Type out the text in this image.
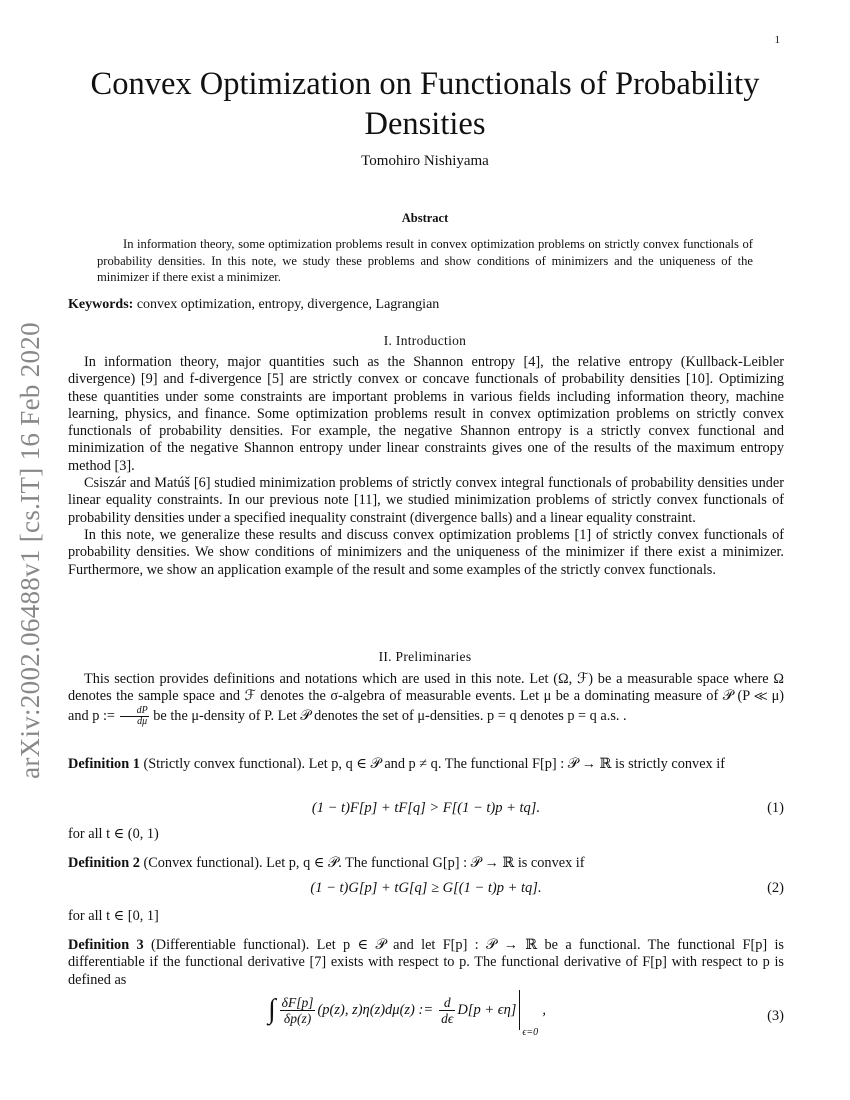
1
arXiv:2002.06488v1 [cs.IT] 16 Feb 2020
Convex Optimization on Functionals of Probability
Densities
Tomohiro Nishiyama
Abstract
In information theory, some optimization problems result in convex optimization problems on strictly convex functionals of probability densities. In this note, we study these problems and show conditions of minimizers and the uniqueness of the minimizer if there exist a minimizer.
Keywords: convex optimization, entropy, divergence, Lagrangian
I. Introduction

In information theory, major quantities such as the Shannon entropy [4], the relative entropy (Kullback-Leibler divergence) [9] and f-divergence [5] are strictly convex or concave functionals of probability densities [10]. Optimizing these quantities under some constraints are important problems in various fields including information theory, machine learning, physics, and finance. Some optimization problems result in convex optimization problems on strictly convex functionals of probability densities. For example, the negative Shannon entropy is a strictly convex functional and minimization of the negative Shannon entropy under linear constraints gives one of the results of the maximum entropy method [3].

Csiszár and Matúš [6] studied minimization problems of strictly convex integral functionals of probability densities under linear equality constraints. In our previous note [11], we studied minimization problems of strictly convex functionals of probability densities under a specified inequality constraint (divergence balls) and a linear equality constraint.

In this note, we generalize these results and discuss convex optimization problems [1] of strictly convex functionals of probability densities. We show conditions of minimizers and the uniqueness of the minimizer if there exist a minimizer. Furthermore, we show an application example of the result and some examples of the strictly convex functionals.

II. Preliminaries

This section provides definitions and notations which are used in this note. Let (Ω, ℱ) be a measurable space where Ω denotes the sample space and ℱ denotes the σ-algebra of measurable events. Let μ be a dominating measure of 𝒫 (P ≪ μ) and p := $\frac{dP}{d\mu}$ be the μ-density of P. Let 𝒫 denotes the set of μ-densities. p = q denotes p = q a.s. .

Definition 1 (Strictly convex functional). Let p, q ∈ 𝒫 and p ≠ q. The functional F[p] : 𝒫 → ℝ is strictly convex if

(1 − t)F[p] + tF[q] > F[(1 − t)p + tq].	(1)
for all t ∈ (0, 1)

Definition 2 (Convex functional). Let p, q ∈ 𝒫. The functional G[p] : 𝒫 → ℝ is convex if

(1 − t)G[p] + tG[q] ≥ G[(1 − t)p + tq].	(2)
for all t ∈ [0, 1]

Definition 3 (Differentiable functional). Let p ∈ 𝒫 and let F[p] : 𝒫 → ℝ be a functional. The functional F[p] is differentiable if the functional derivative [7] exists with respect to p. The functional derivative of F[p] with respect to p is defined as

∫ $\frac{\delta F[p]}{\delta p(z)} (p(z)$, z)η(z)dμ(z) := $\frac{d}{d\epsilon} D[p + \epsilon\eta]$
ϵ=0
,	(3)
